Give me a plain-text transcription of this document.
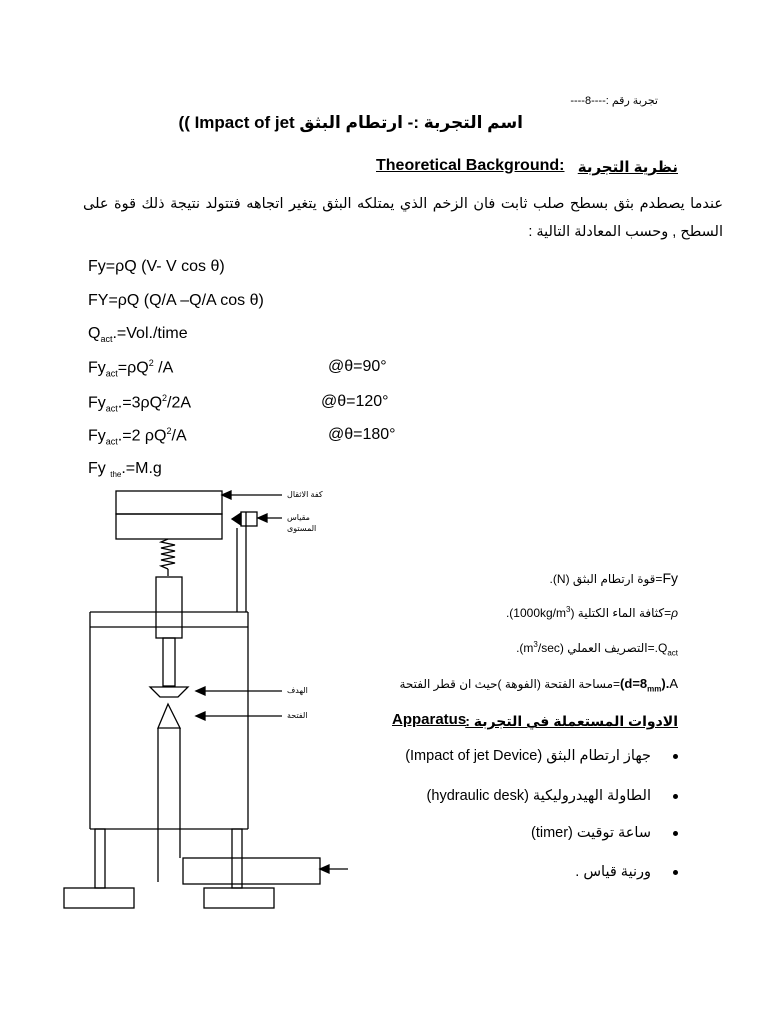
تجربة رقم :----8----
اسم التجربة :- ارتطام البثق Impact of jet ))
Theoretical Background: نظرية التجربة
عندما يصطدم بثق بسطح صلب ثابت فان الزخم الذي يمتلكه البثق يتغير اتجاهه فتتولد نتيجة ذلك قوة على السطح , وحسب المعادلة التالية :
Fy=ρQ (V- V cos θ)
FY=ρQ (Q/A –Q/A cos θ)
$Q_{act}.=Vol$./time
$Fy_{act}=\rho Q^2$ /A	@θ=90°
$Fy_{act}.=3\rho Q^2/2A$	@θ=120°
$Fy_{act}.=2$ $\rho Q^2/A$	@θ=180°
Fy $_{the}$.=M.g
كفة الاثقال
مقياس
المستوى
الهدف
الفتحة
=قوة ارتطام البثق (N).Fy
=كثافة الماء الكتلية $(1000kg/m^3)$.	ρ
.=التصريف العملي $(m^3/\sec)$.	$Q_{act}$
=مساحة الفتحة (الفوهة )حيث ان قطر الفتحة $(d=8_{mm}).A$
Apparatus الادوات المستعملة في التجربة :
جهاز ارتطام البثق (Impact of jet Device)
الطاولة الهيدروليكية (hydraulic desk)
ساعة توقيت (timer)
ورنية قياس .
